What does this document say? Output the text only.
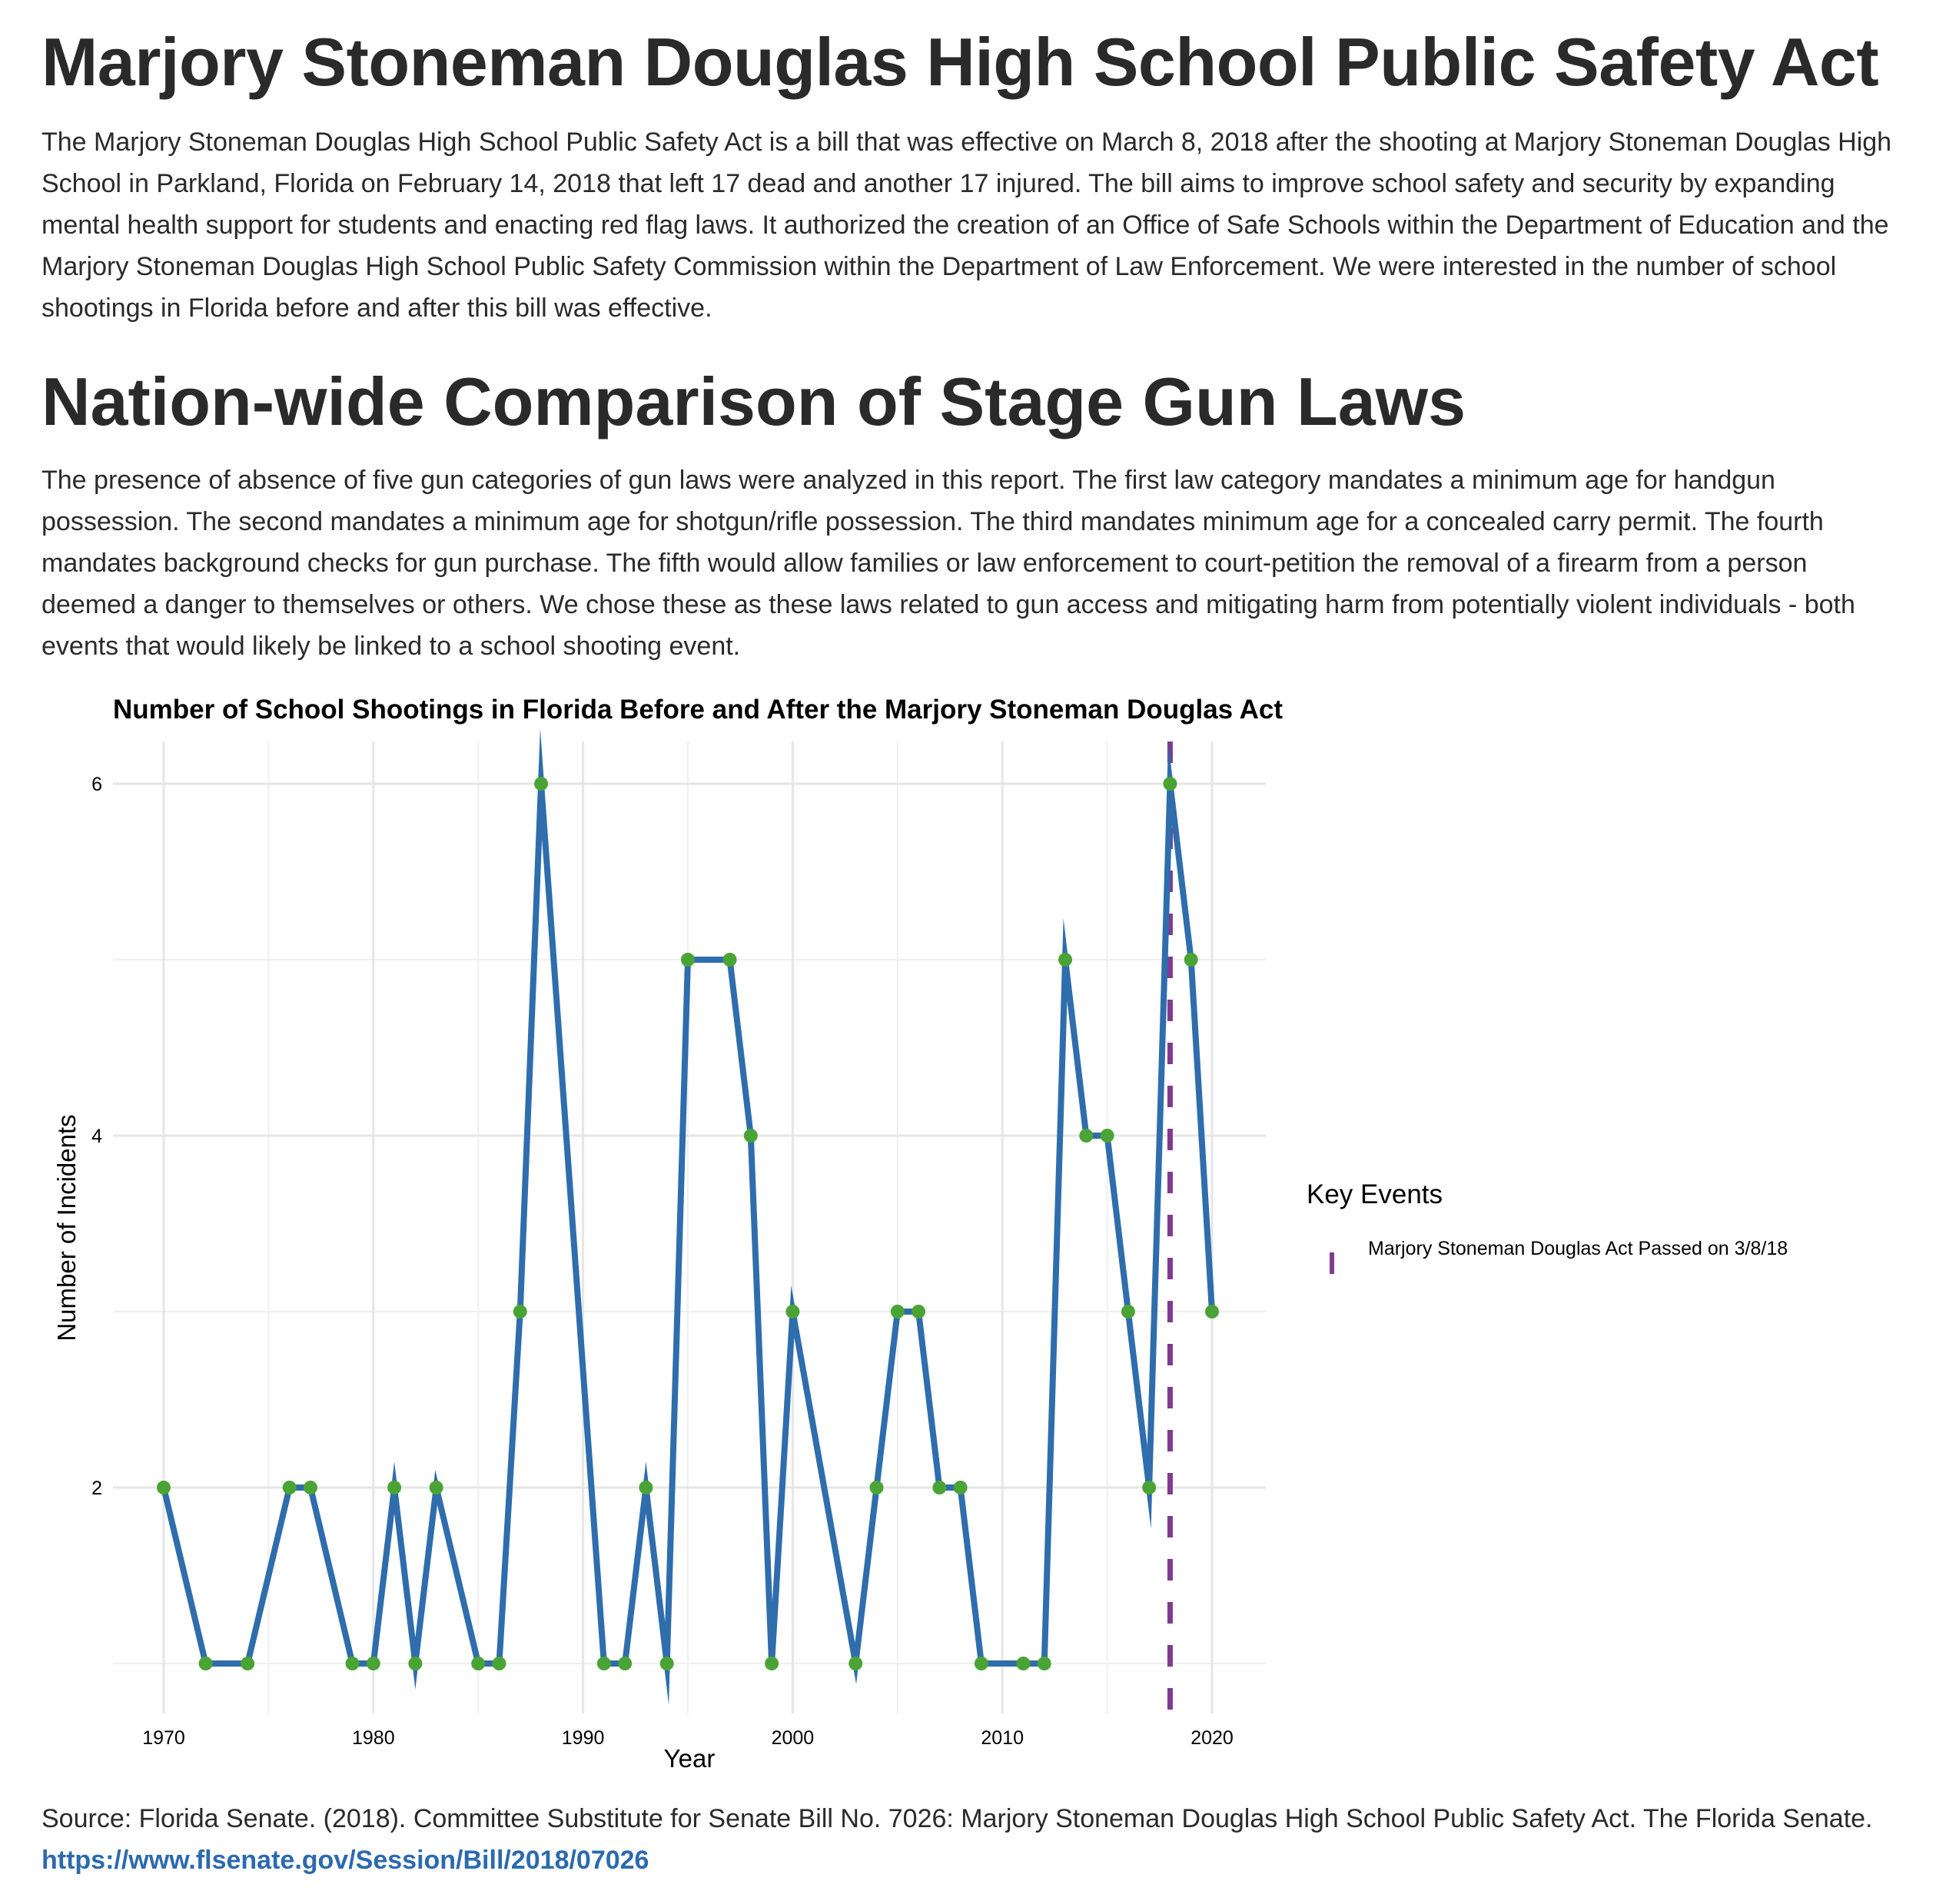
Marjory Stoneman Douglas High School Public Safety Act

The Marjory Stoneman Douglas High School Public Safety Act is a bill that was effective on March 8, 2018 after the shooting at Marjory Stoneman Douglas High School in Parkland, Florida on February 14, 2018 that left 17 dead and another 17 injured. The bill aims to improve school safety and security by expanding mental health support for students and enacting red flag laws. It authorized the creation of an Office of Safe Schools within the Department of Education and the Marjory Stoneman Douglas High School Public Safety Commission within the Department of Law Enforcement. We were interested in the number of school shootings in Florida before and after this bill was effective.

Nation-wide Comparison of Stage Gun Laws

The presence of absence of five gun categories of gun laws were analyzed in this report. The first law category mandates a minimum age for handgun possession. The second mandates a minimum age for shotgun/rifle possession. The third mandates minimum age for a concealed carry permit. The fourth mandates background checks for gun purchase. The fifth would allow families or law enforcement to court-petition the removal of a firearm from a person deemed a danger to themselves or others. We chose these as these laws related to gun access and mitigating harm from potentially violent individuals - both events that would likely be linked to a school shooting event.

Number of School Shootings in Florida Before and After the Marjory Stoneman Douglas Act
1970	1980	1990	2000	2010	2020
2
4
6
Year
Number of Incidents	Key Events
Marjory Stoneman Douglas Act Passed on 3/8/18

Source: Florida Senate. (2018). Committee Substitute for Senate Bill No. 7026: Marjory Stoneman Douglas High School Public Safety Act. The Florida Senate. https://www.flsenate.gov/Session/Bill/2018/07026
